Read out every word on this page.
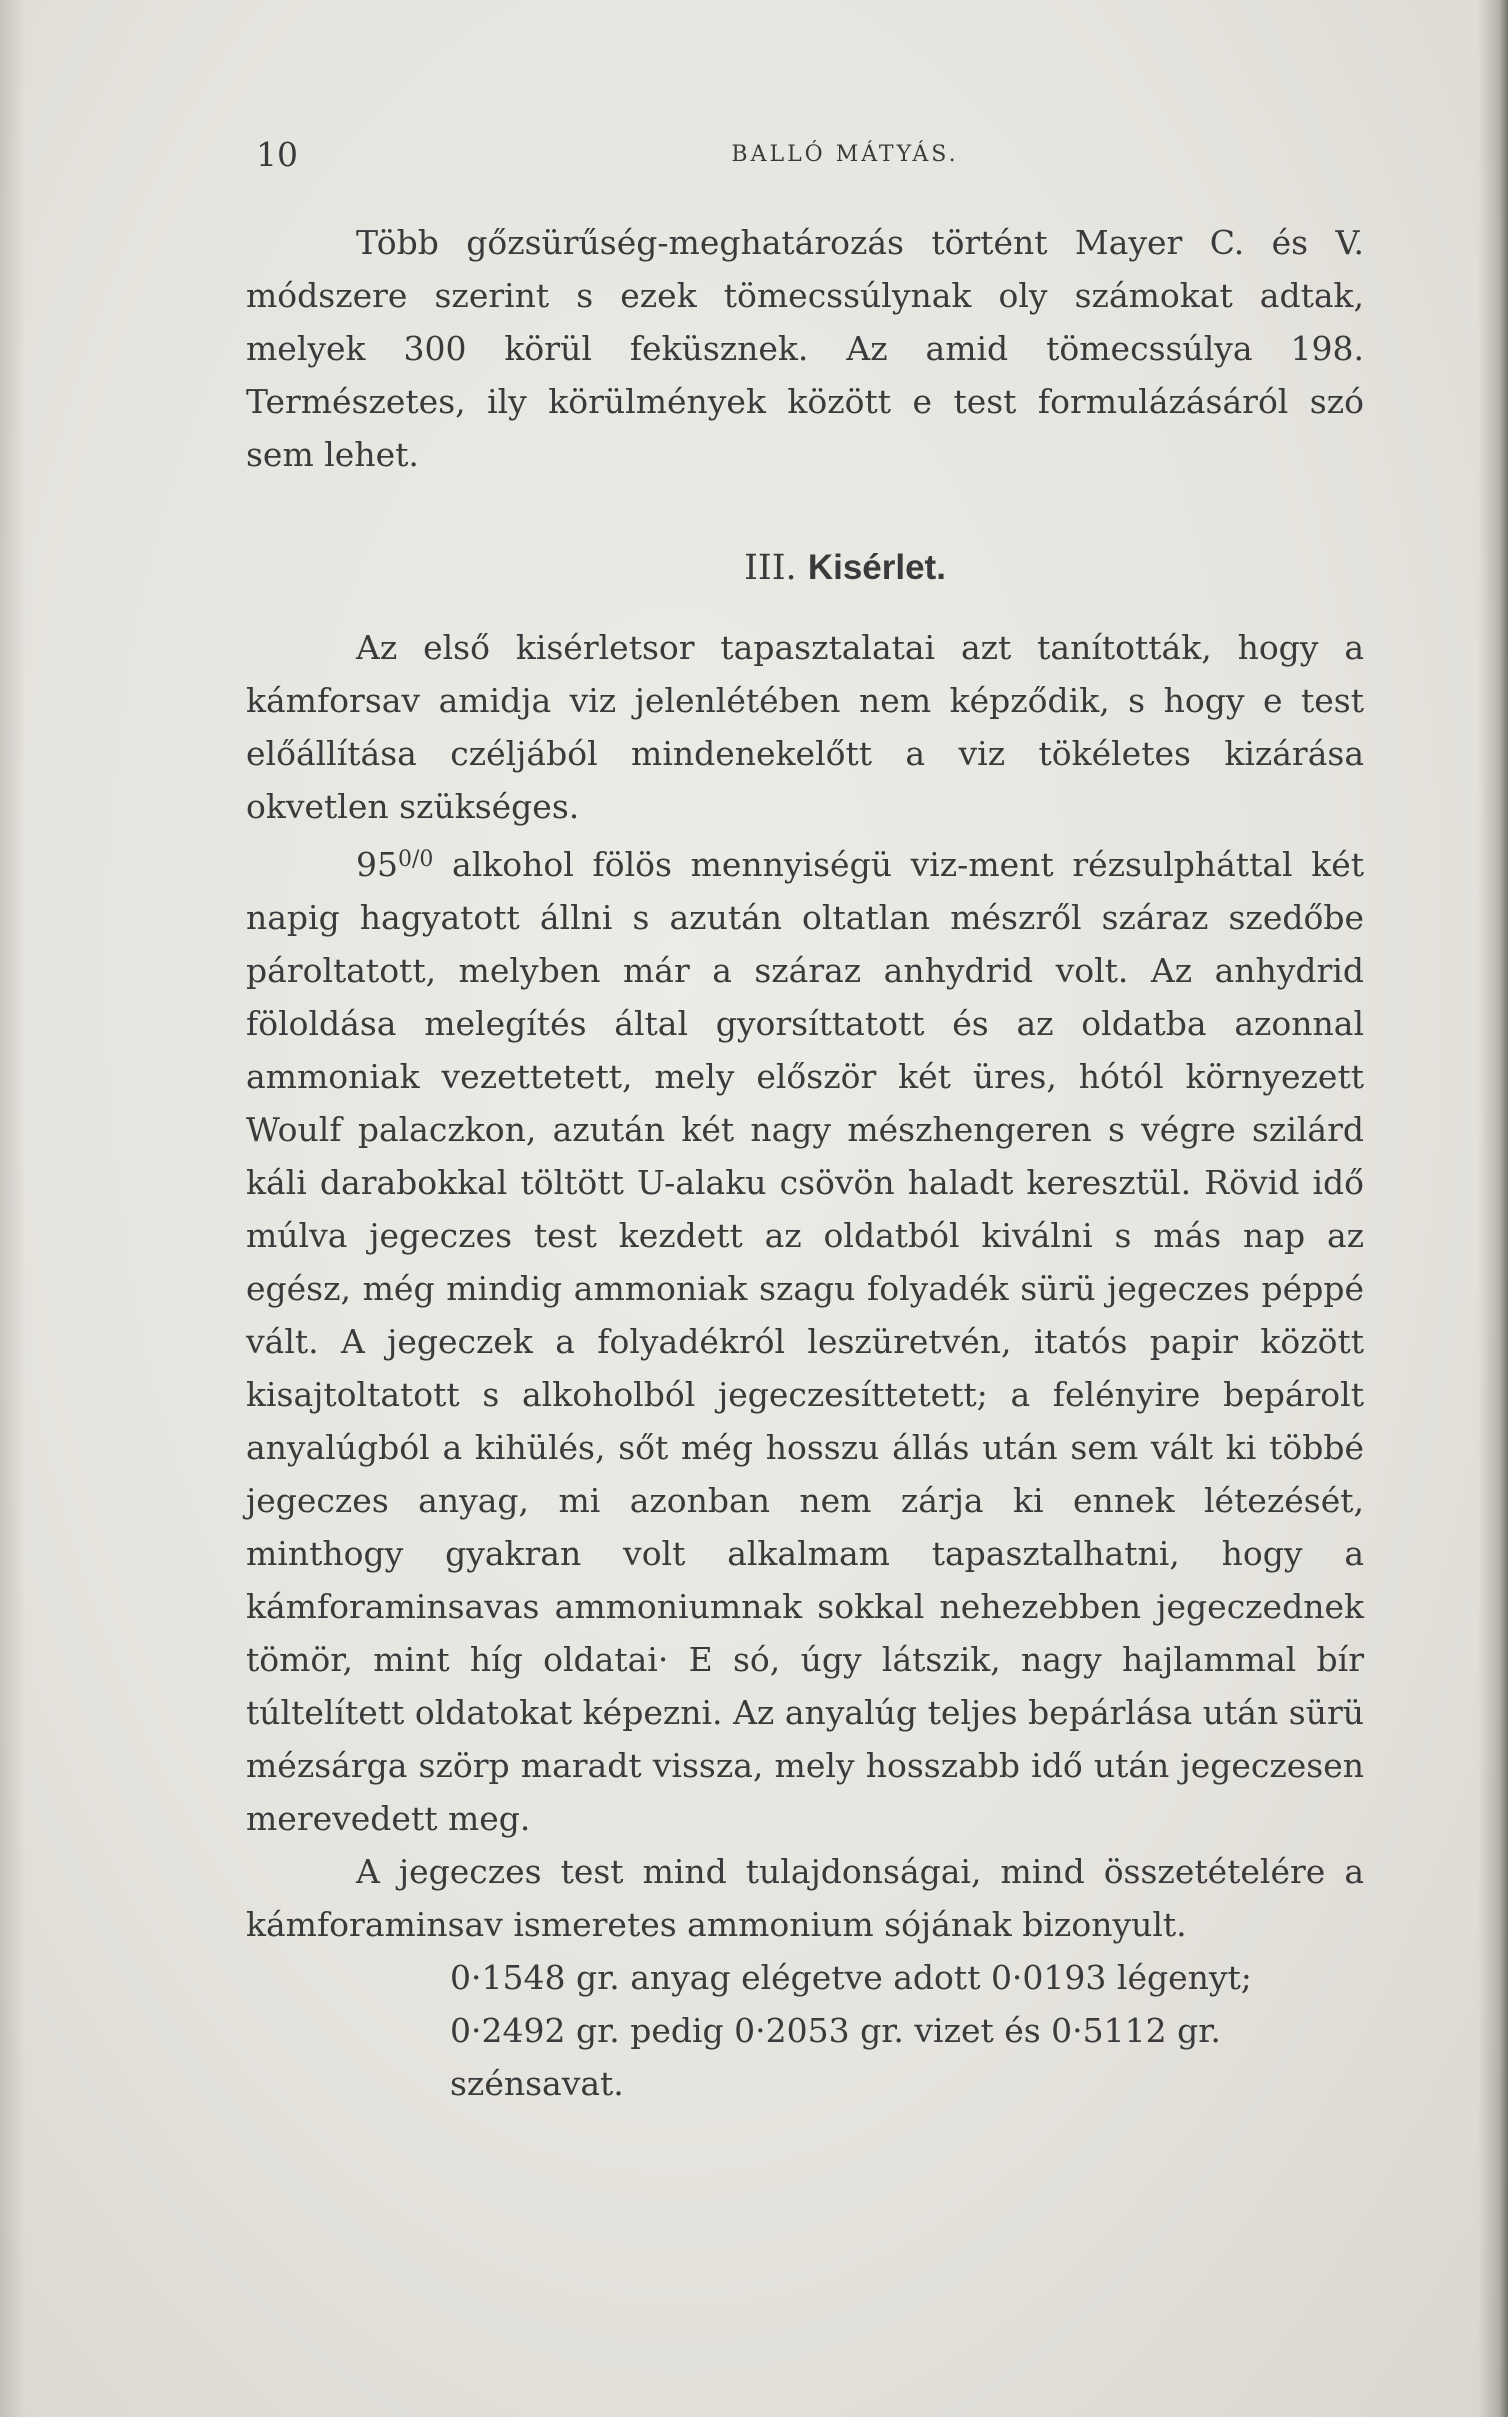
10	BALLÓ MÁTYÁS.

Több gőzsürűség-meghatározás történt Mayer C. és V. módszere szerint s ezek tömecssúlynak oly számokat adtak, melyek 300 körül feküsznek. Az amid tömecssúlya 198. Természetes, ily körülmények között e test formulázásáról szó sem lehet.

III. Kisérlet.

Az első kisérletsor tapasztalatai azt tanították, hogy a kámforsav amidja viz jelenlétében nem képződik, s hogy e test előállítása czéljából mindenekelőtt a viz tökéletes kizárása okvetlen szükséges.

$95^{0/0}$ alkohol fölös mennyiségü viz-ment rézsulpháttal két napig hagyatott állni s azután oltatlan mészről száraz szedőbe pároltatott, melyben már a száraz anhydrid volt. Az anhydrid föloldása melegítés által gyorsíttatott és az oldatba azonnal ammoniak vezettetett, mely először két üres, hótól környezett Woulf palaczkon, azután két nagy mészhengeren s végre szilárd káli darabokkal töltött U-alaku csövön haladt keresztül. Rövid idő múlva jegeczes test kezdett az oldatból kiválni s más nap az egész, még mindig ammoniak szagu folyadék sürü jegeczes péppé vált. A jegeczek a folyadékról leszüretvén, itatós papir között kisajtoltatott s alkoholból jegeczesíttetett; a felényire bepárolt anyalúgból a kihülés, sőt még hosszu állás után sem vált ki többé jegeczes anyag, mi azonban nem zárja ki ennek létezését, minthogy gyakran volt alkalmam tapasztalhatni, hogy a kámforaminsavas ammoniumnak sokkal nehezebben jegeczednek tömör, mint híg oldatai· E só, úgy látszik, nagy hajlammal bír túltelített oldatokat képezni. Az anyalúg teljes bepárlása után sürü mézsárga szörp maradt vissza, mely hosszabb idő után jegeczesen merevedett meg.

A jegeczes test mind tulajdonságai, mind összetételére a kámforaminsav ismeretes ammonium sójának bizonyult.

0·1548 gr. anyag elégetve adott 0·0193 légenyt;

0·2492 gr. pedig 0·2053 gr. vizet és 0·5112 gr.

szénsavat.
